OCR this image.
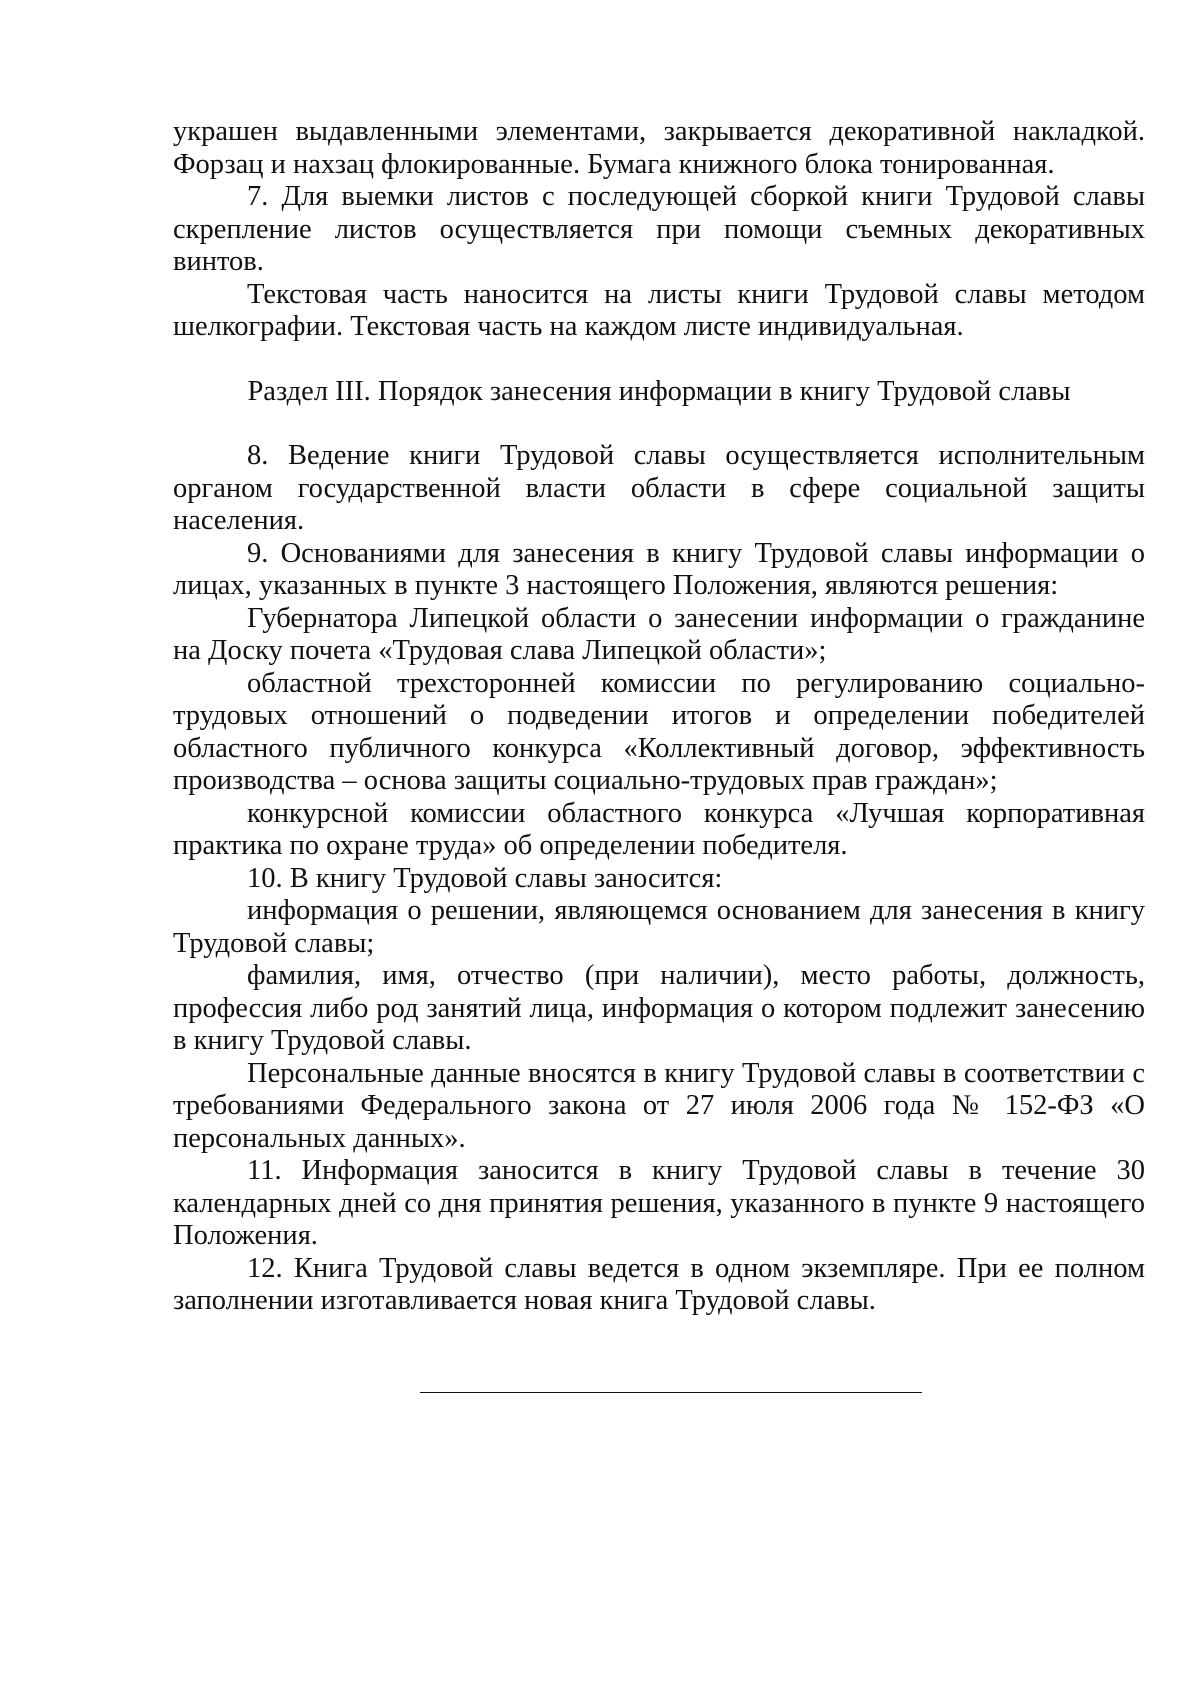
украшен выдавленными элементами, закрывается декоративной накладкой. Форзац и нахзац флокированные. Бумага книжного блока тонированная.

7. Для выемки листов с последующей сборкой книги Трудовой славы скрепление листов осуществляется при помощи съемных декоративных винтов.

Текстовая часть наносится на листы книги Трудовой славы методом шелкографии. Текстовая часть на каждом листе индивидуальная.

Раздел III. Порядок занесения информации в книгу Трудовой славы

8. Ведение книги Трудовой славы осуществляется исполнительным органом государственной власти области в сфере социальной защиты населения.

9. Основаниями для занесения в книгу Трудовой славы информации о лицах, указанных в пункте 3 настоящего Положения, являются решения:

Губернатора Липецкой области о занесении информации о гражданине на Доску почета «Трудовая слава Липецкой области»;

областной трехсторонней комиссии по регулированию социально-трудовых отношений о подведении итогов и определении победителей областного публичного конкурса «Коллективный договор, эффективность производства – основа защиты социально-трудовых прав граждан»;

конкурсной комиссии областного конкурса «Лучшая корпоративная практика по охране труда» об определении победителя.

10. В книгу Трудовой славы заносится:

информация о решении, являющемся основанием для занесения в книгу Трудовой славы;

фамилия, имя, отчество (при наличии), место работы, должность, профессия либо род занятий лица, информация о котором подлежит занесению в книгу Трудовой славы.

Персональные данные вносятся в книгу Трудовой славы в соответствии с требованиями Федерального закона от 27 июля 2006 года № 152-ФЗ «О персональных данных».

11. Информация заносится в книгу Трудовой славы в течение 30 календарных дней со дня принятия решения, указанного в пункте 9 настоящего Положения.

12. Книга Трудовой славы ведется в одном экземпляре. При ее полном заполнении изготавливается новая книга Трудовой славы.
